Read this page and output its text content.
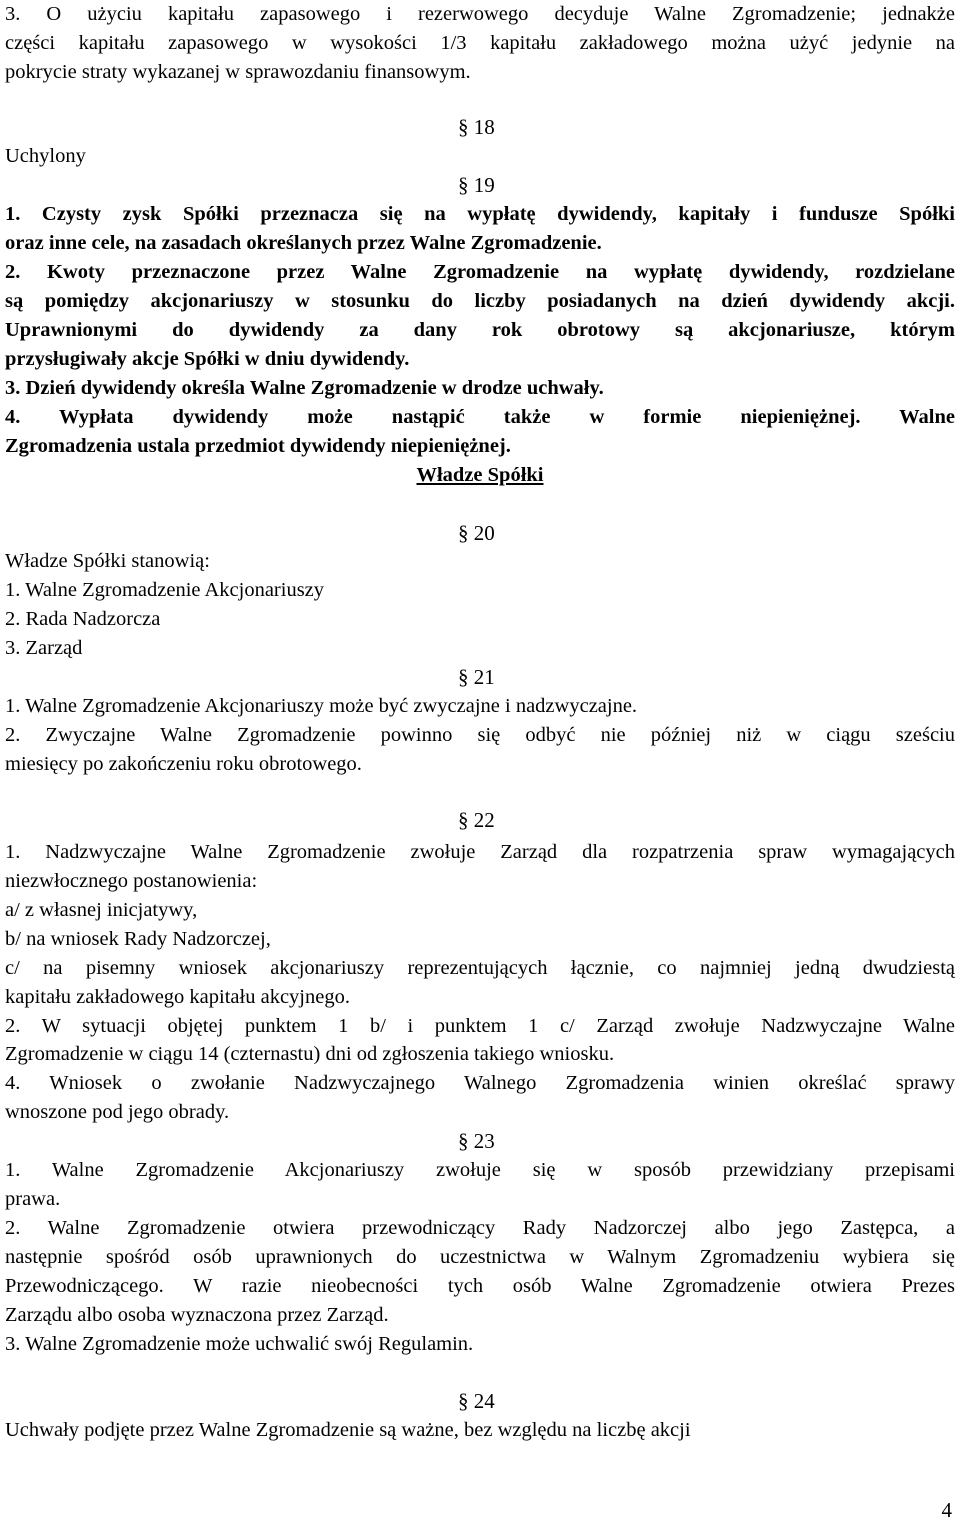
3. O użyciu kapitału zapasowego i rezerwowego decyduje Walne Zgromadzenie; jednakże
części kapitału zapasowego w wysokości 1/3 kapitału zakładowego można użyć jedynie na
pokrycie straty wykazanej w sprawozdaniu finansowym.
§ 18
Uchylony
§ 19
1. Czysty zysk Spółki przeznacza się na wypłatę dywidendy, kapitały i fundusze Spółki
oraz inne cele, na zasadach określanych przez Walne Zgromadzenie.
2. Kwoty przeznaczone przez Walne Zgromadzenie na wypłatę dywidendy, rozdzielane
są pomiędzy akcjonariuszy w stosunku do liczby posiadanych na dzień dywidendy akcji.
Uprawnionymi do dywidendy za dany rok obrotowy są akcjonariusze, którym
przysługiwały akcje Spółki w dniu dywidendy.
3. Dzień dywidendy określa Walne Zgromadzenie w drodze uchwały.
4. Wypłata dywidendy może nastąpić także w formie niepieniężnej. Walne
Zgromadzenia ustala przedmiot dywidendy niepieniężnej.
Władze Spółki
§ 20
Władze Spółki stanowią:
1. Walne Zgromadzenie Akcjonariuszy
2. Rada Nadzorcza
3. Zarząd
§ 21
1. Walne Zgromadzenie Akcjonariuszy może być zwyczajne i nadzwyczajne.
2. Zwyczajne Walne Zgromadzenie powinno się odbyć nie później niż w ciągu sześciu
miesięcy po zakończeniu roku obrotowego.
§ 22
1. Nadzwyczajne Walne Zgromadzenie zwołuje Zarząd dla rozpatrzenia spraw wymagających
niezwłocznego postanowienia:
a/ z własnej inicjatywy,
b/ na wniosek Rady Nadzorczej,
c/ na pisemny wniosek akcjonariuszy reprezentujących łącznie, co najmniej jedną dwudziestą
kapitału zakładowego kapitału akcyjnego.
2. W sytuacji objętej punktem 1 b/ i punktem 1 c/ Zarząd zwołuje Nadzwyczajne Walne
Zgromadzenie w ciągu 14 (czternastu) dni od zgłoszenia takiego wniosku.
4. Wniosek o zwołanie Nadzwyczajnego Walnego Zgromadzenia winien określać sprawy
wnoszone pod jego obrady.
§ 23
1. Walne Zgromadzenie Akcjonariuszy zwołuje się w sposób przewidziany przepisami
prawa.
2. Walne Zgromadzenie otwiera przewodniczący Rady Nadzorczej albo jego Zastępca, a
następnie spośród osób uprawnionych do uczestnictwa w Walnym Zgromadzeniu wybiera się
Przewodniczącego. W razie nieobecności tych osób Walne Zgromadzenie otwiera Prezes
Zarządu albo osoba wyznaczona przez Zarząd.
3. Walne Zgromadzenie może uchwalić swój Regulamin.
§ 24
Uchwały podjęte przez Walne Zgromadzenie są ważne, bez względu na liczbę akcji
4
